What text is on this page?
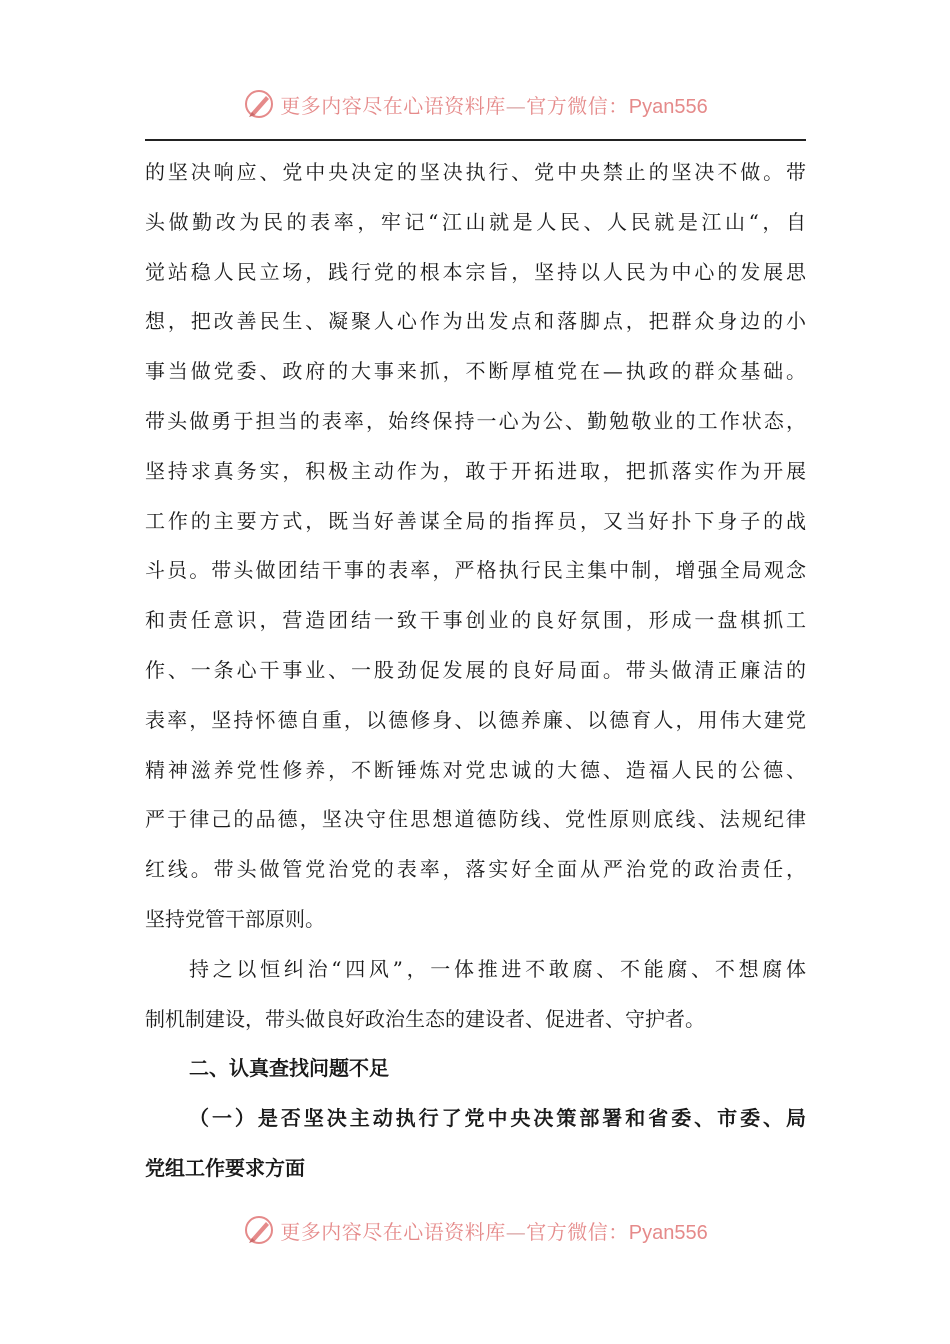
更多内容尽在心语资料库—官方微信：Pyan556
的坚决响应、党中央决定的坚决执行、党中央禁止的坚决不做。带
头做勤改为民的表率，牢记“江山就是人民、人民就是江山“，自
觉站稳人民立场，践行党的根本宗旨，坚持以人民为中心的发展思
想，把改善民生、凝聚人心作为出发点和落脚点，把群众身边的小
事当做党委、政府的大事来抓，不断厚植党在—执政的群众基础。
带头做勇于担当的表率，始终保持一心为公、勤勉敬业的工作状态，
坚持求真务实，积极主动作为，敢于开拓进取，把抓落实作为开展
工作的主要方式，既当好善谋全局的指挥员，又当好扑下身子的战
斗员。带头做团结干事的表率，严格执行民主集中制，增强全局观念
和责任意识，营造团结一致干事创业的良好氛围，形成一盘棋抓工
作、一条心干事业、一股劲促发展的良好局面。带头做清正廉洁的
表率，坚持怀德自重，以德修身、以德养廉、以德育人，用伟大建党
精神滋养党性修养，不断锤炼对党忠诚的大德、造福人民的公德、
严于律己的品德，坚决守住思想道德防线、党性原则底线、法规纪律
红线。带头做管党治党的表率，落实好全面从严治党的政治责任，
坚持党管干部原则。
持之以恒纠治“四风”，一体推进不敢腐、不能腐、不想腐体
制机制建设，带头做良好政治生态的建设者、促进者、守护者。
二、认真查找问题不足
（一）是否坚决主动执行了党中央决策部署和省委、市委、局
党组工作要求方面
更多内容尽在心语资料库—官方微信：Pyan556
